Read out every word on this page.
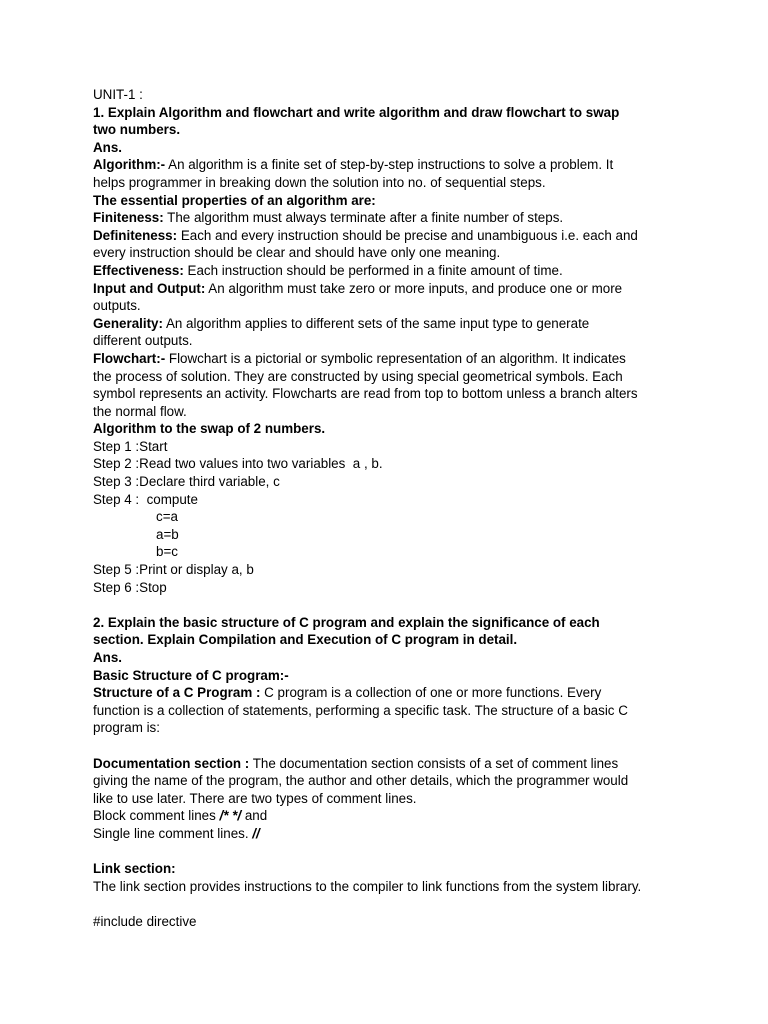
UNIT-1 :
1. Explain Algorithm and flowchart and write algorithm and draw flowchart to swap
two numbers.
Ans.
Algorithm:- An algorithm is a finite set of step-by-step instructions to solve a problem. It
helps programmer in breaking down the solution into no. of sequential steps.
The essential properties of an algorithm are:
Finiteness: The algorithm must always terminate after a finite number of steps.
Definiteness: Each and every instruction should be precise and unambiguous i.e. each and
every instruction should be clear and should have only one meaning.
Effectiveness: Each instruction should be performed in a finite amount of time.
Input and Output: An algorithm must take zero or more inputs, and produce one or more
outputs.
Generality: An algorithm applies to different sets of the same input type to generate
different outputs.
Flowchart:- Flowchart is a pictorial or symbolic representation of an algorithm. It indicates
the process of solution. They are constructed by using special geometrical symbols. Each
symbol represents an activity. Flowcharts are read from top to bottom unless a branch alters
the normal flow.
Algorithm to the swap of 2 numbers.
Step 1 :Start
Step 2 :Read two values into two variables  a , b.
Step 3 :Declare third variable, c
Step 4 :  compute
c=a
a=b
b=c
Step 5 :Print or display a, b
Step 6 :Stop
2. Explain the basic structure of C program and explain the significance of each
section. Explain Compilation and Execution of C program in detail.
Ans.
Basic Structure of C program:-
Structure of a C Program : C program is a collection of one or more functions. Every
function is a collection of statements, performing a specific task. The structure of a basic C
program is:
Documentation section : The documentation section consists of a set of comment lines
giving the name of the program, the author and other details, which the programmer would
like to use later. There are two types of comment lines.
Block comment lines /* */ and
Single line comment lines. //
Link section:
The link section provides instructions to the compiler to link functions from the system library.
#include directive
